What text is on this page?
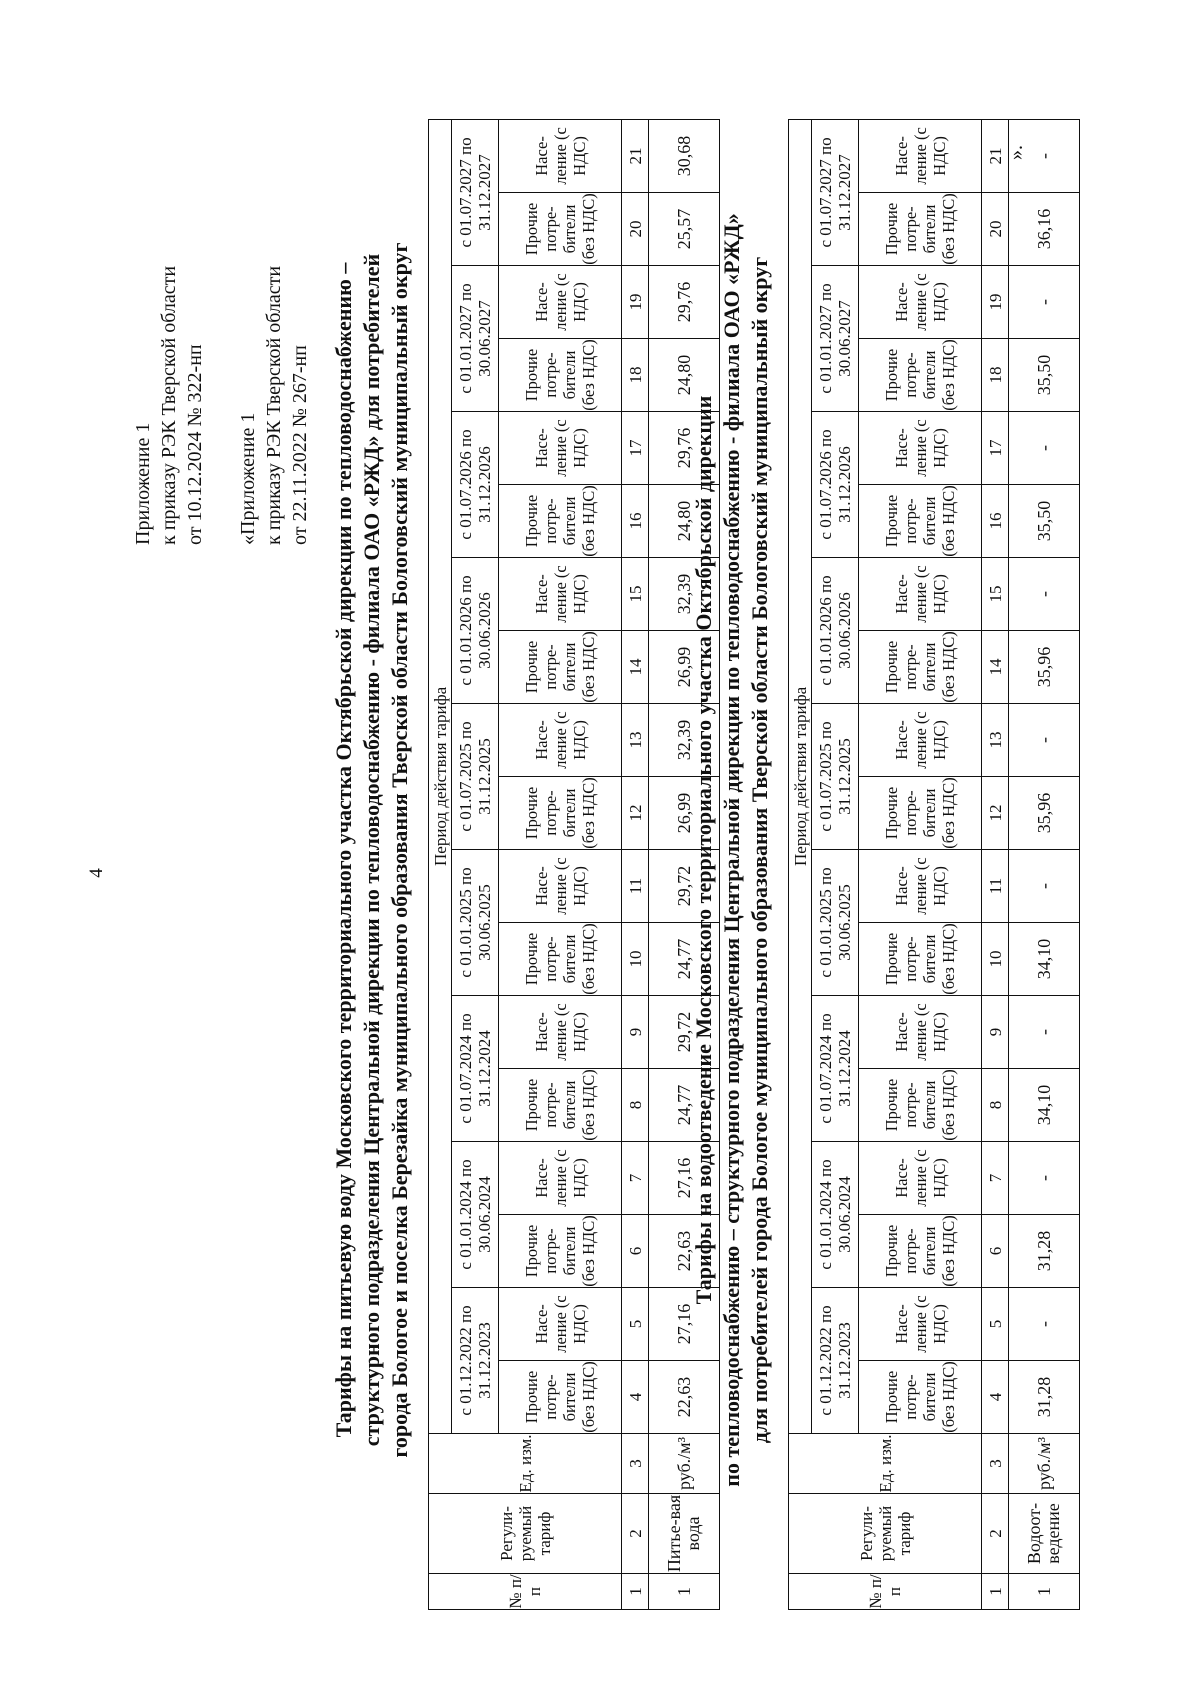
4
Приложение 1 к приказу РЭК Тверской области от 10.12.2024 № 322-нп «Приложение 1 к приказу РЭК Тверской области от 22.11.2022 № 267-нп Тарифы на питьевую воду Московского территориального участка Октябрьской дирекции по тепловодоснабжению – структурного подразделения Центральной дирекции по тепловодоснабжению - филиала ОАО «РЖД» для потребителей города Бологое и поселка Березайка муниципального образования Тверской области Бологовский муниципальный округ
№ п/п	Регули-руемый тариф	Ед. изм.	Период действия тарифа																	
			с 01.12.2022 по 31.12.2023		с 01.01.2024 по 30.06.2024		с 01.07.2024 по 31.12.2024		с 01.01.2025 по 30.06.2025		с 01.07.2025 по 31.12.2025		с 01.01.2026 по 30.06.2026		с 01.07.2026 по 31.12.2026		с 01.01.2027 по 30.06.2027		с 01.07.2027 по 31.12.2027	
			Прочие потре-бители (без НДС)	Насе-ление (с НДС)	Прочие потре-бители (без НДС)	Насе-ление (с НДС)	Прочие потре-бители (без НДС)	Насе-ление (с НДС)	Прочие потре-бители (без НДС)	Насе-ление (с НДС)	Прочие потре-бители (без НДС)	Насе-ление (с НДС)	Прочие потре-бители (без НДС)	Насе-ление (с НДС)	Прочие потре-бители (без НДС)	Насе-ление (с НДС)	Прочие потре-бители (без НДС)	Насе-ление (с НДС)	Прочие потре-бители (без НДС)	Насе-ление (с НДС)
1	2	3	4	5	6	7	8	9	10	11	12	13	14	15	16	17	18	19	20	21
1	Питье-вая вода	руб./м³	22,63	27,16	22,63	27,16	24,77	29,72	24,77	29,72	26,99	32,39	26,99	32,39	24,80	29,76	24,80	29,76	25,57	30,68
Тарифы на водоотведение Московского территориального участка Октябрьской дирекции по тепловодоснабжению – структурного подразделения Центральной дирекции по тепловодоснабжению - филиала ОАО «РЖД» для потребителей города Бологое муниципального образования Тверской области Бологовский муниципальный округ
№ п/п	Регули-руемый тариф	Ед. изм.	Период действия тарифа																	
			с 01.12.2022 по 31.12.2023		с 01.01.2024 по 30.06.2024		с 01.07.2024 по 31.12.2024		с 01.01.2025 по 30.06.2025		с 01.07.2025 по 31.12.2025		с 01.01.2026 по 30.06.2026		с 01.07.2026 по 31.12.2026		с 01.01.2027 по 30.06.2027		с 01.07.2027 по 31.12.2027	
			Прочие потре-бители (без НДС)	Насе-ление (с НДС)	Прочие потре-бители (без НДС)	Насе-ление (с НДС)	Прочие потре-бители (без НДС)	Насе-ление (с НДС)	Прочие потре-бители (без НДС)	Насе-ление (с НДС)	Прочие потре-бители (без НДС)	Насе-ление (с НДС)	Прочие потре-бители (без НДС)	Насе-ление (с НДС)	Прочие потре-бители (без НДС)	Насе-ление (с НДС)	Прочие потре-бители (без НДС)	Насе-ление (с НДС)	Прочие потре-бители (без НДС)	Насе-ление (с НДС)
1	2	3	4	5	6	7	8	9	10	11	12	13	14	15	16	17	18	19	20	21
1	Водоот-ведение	руб./м³	31,28	-	31,28	-	34,10	-	34,10	-	35,96	-	35,96	-	35,50	-	35,50	-	36,16	-
».
